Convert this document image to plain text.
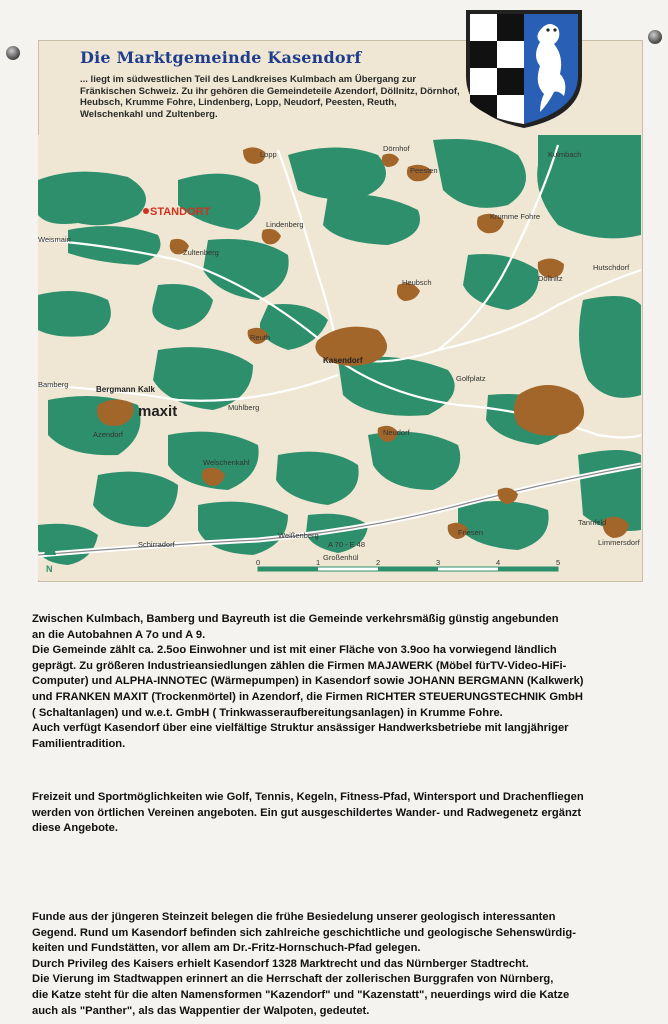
Die Marktgemeinde Kasendorf
... liegt im südwestlichen Teil des Landkreises Kulmbach am Übergang zur Fränkischen Schweiz. Zu ihr gehören die Gemeindeteile Azendorf, Döllnitz, Dörnhof, Heubsch, Krumme Fohre, Lindenberg, Lopp, Neudorf, Peesten, Reuth, Welschenkahl und Zultenberg.
Lopp
Dörnhof
Peesten
Krumme Fohre
Lindenberg
Zultenberg
Heubsch	Döllnitz
Reuth
Kasendorf
Bergmann Kalk
maxit
Azendorf
Mühlberg
Neudorf
Welschenkahl
Golfplatz
Kulmbach
Weismain
Bamberg
Hutschdorf
Tannfeld
Limmersdorf
Friesen
Weißenberg
Schirradorf
Großenhül
A 70 - E 48
STANDORT
0	1	2	3	4	5
N

Zwischen Kulmbach, Bamberg und Bayreuth ist die Gemeinde verkehrsmäßig günstig angebunden

an die Autobahnen A 7o und A 9.

Die Gemeinde zählt ca. 2.5oo Einwohner und ist mit einer Fläche von 3.9oo ha vorwiegend ländlich

geprägt. Zu größeren Industrieansiedlungen zählen die Firmen MAJAWERK (Möbel fürTV-Video-HiFi-

Computer) und ALPHA-INNOTEC (Wärmepumpen) in Kasendorf sowie JOHANN BERGMANN (Kalkwerk)

und FRANKEN MAXIT (Trockenmörtel) in Azendorf, die Firmen RICHTER STEUERUNGSTECHNIK GmbH

( Schaltanlagen) und w.e.t. GmbH ( Trinkwasseraufbereitungsanlagen) in Krumme Fohre.

Auch verfügt Kasendorf über eine vielfältige Struktur ansässiger Handwerksbetriebe mit langjähriger

Familientradition.

Freizeit und Sportmöglichkeiten wie Golf, Tennis, Kegeln, Fitness-Pfad, Wintersport und Drachenfliegen

werden von örtlichen Vereinen angeboten. Ein gut ausgeschildertes Wander- und Radwegenetz ergänzt

diese Angebote.

Funde aus der jüngeren Steinzeit belegen die frühe Besiedelung unserer geologisch interessanten

Gegend. Rund um Kasendorf befinden sich zahlreiche geschichtliche und geologische Sehenswürdig-

keiten und Fundstätten, vor allem am Dr.-Fritz-Hornschuch-Pfad gelegen.

Durch Privileg des Kaisers erhielt Kasendorf 1328 Marktrecht und das Nürnberger Stadtrecht.

Die Vierung im Stadtwappen erinnert an die Herrschaft der zollerischen Burggrafen von Nürnberg,

die Katze steht für die alten Namensformen "Kazendorf" und "Kazenstatt", neuerdings wird die Katze

auch als "Panther", als das Wappentier der Walpoten, gedeutet.
